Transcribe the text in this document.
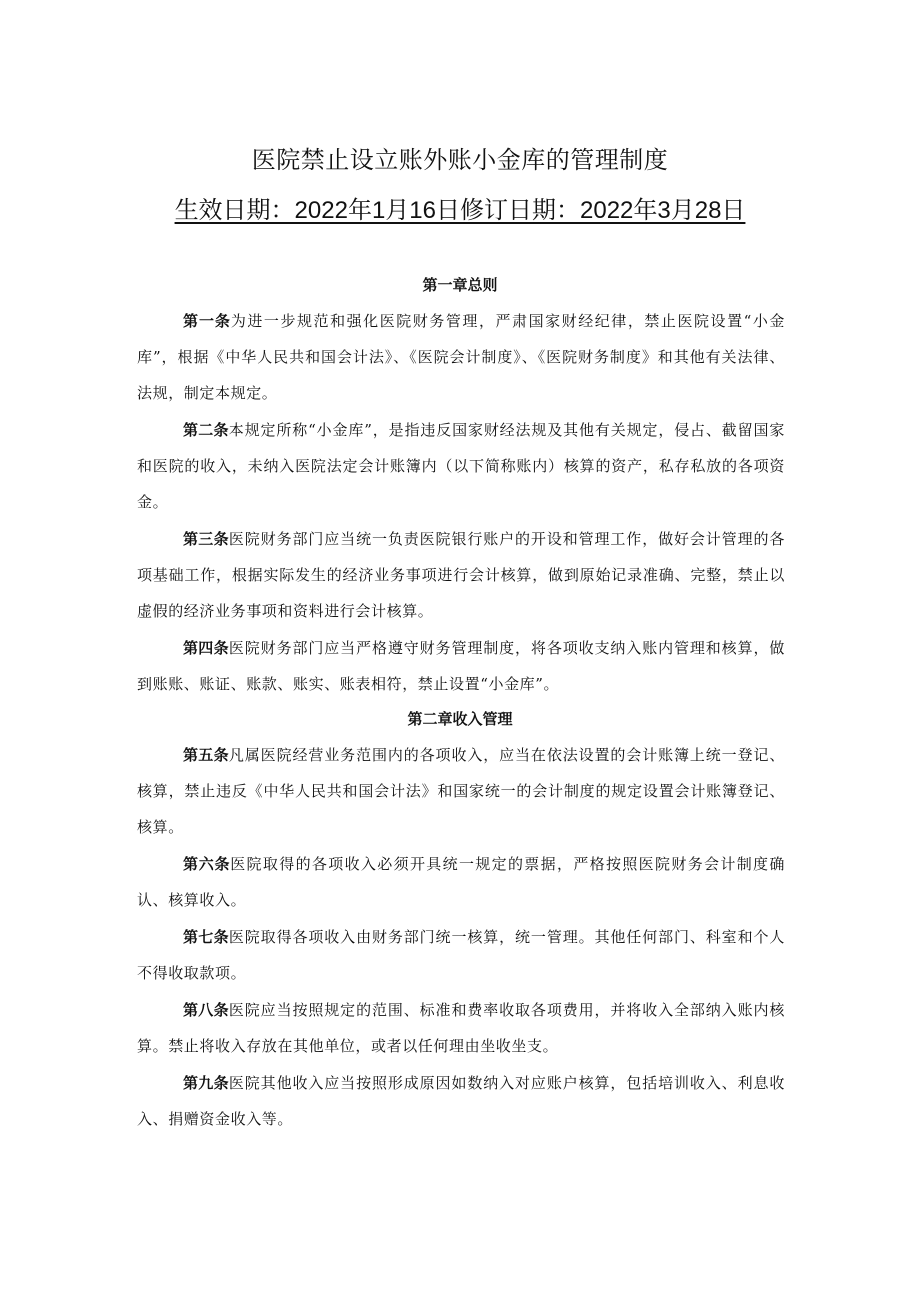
医院禁止设立账外账小金库的管理制度
生效日期：2022年1月16日修订日期：2022年3月28日
第一章总则
第一条为进一步规范和强化医院财务管理，严肃国家财经纪律，禁止医院设置“小金库”，根据《中华人民共和国会计法》、《医院会计制度》、《医院财务制度》和其他有关法律、法规，制定本规定。
第二条本规定所称“小金库”，是指违反国家财经法规及其他有关规定，侵占、截留国家和医院的收入，未纳入医院法定会计账簿内（以下简称账内）核算的资产，私存私放的各项资金。
第三条医院财务部门应当统一负责医院银行账户的开设和管理工作，做好会计管理的各项基础工作，根据实际发生的经济业务事项进行会计核算，做到原始记录准确、完整，禁止以虚假的经济业务事项和资料进行会计核算。
第四条医院财务部门应当严格遵守财务管理制度，将各项收支纳入账内管理和核算，做到账账、账证、账款、账实、账表相符，禁止设置“小金库”。
第二章收入管理
第五条凡属医院经营业务范围内的各项收入，应当在依法设置的会计账簿上统一登记、核算，禁止违反《中华人民共和国会计法》和国家统一的会计制度的规定设置会计账簿登记、核算。
第六条医院取得的各项收入必须开具统一规定的票据，严格按照医院财务会计制度确认、核算收入。
第七条医院取得各项收入由财务部门统一核算，统一管理。其他任何部门、科室和个人不得收取款项。
第八条医院应当按照规定的范围、标准和费率收取各项费用，并将收入全部纳入账内核算。禁止将收入存放在其他单位，或者以任何理由坐收坐支。
第九条医院其他收入应当按照形成原因如数纳入对应账户核算，包括培训收入、利息收入、捐赠资金收入等。
